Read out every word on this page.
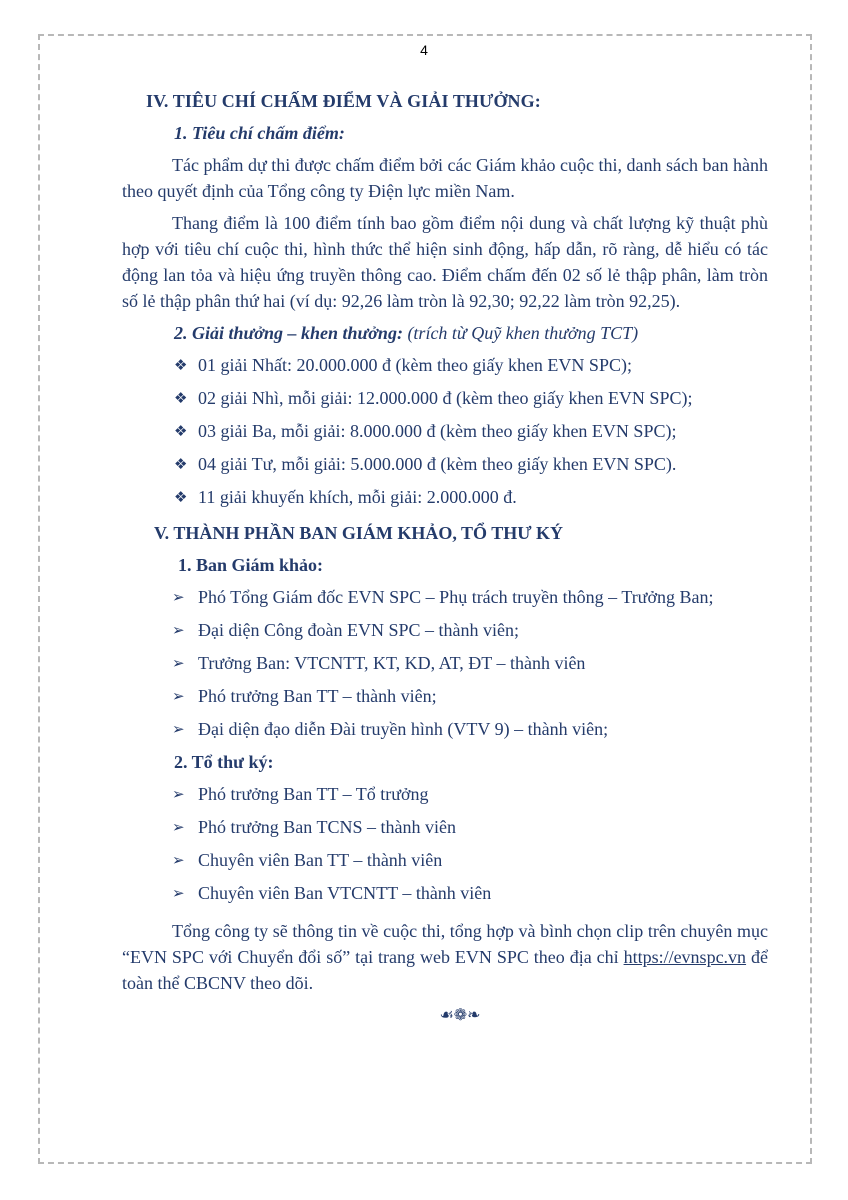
4
IV. TIÊU CHÍ CHẤM ĐIỂM VÀ GIẢI THƯỞNG:
1. Tiêu chí chấm điểm:
Tác phẩm dự thi được chấm điểm bởi các Giám khảo cuộc thi, danh sách ban hành theo quyết định của Tổng công ty Điện lực miền Nam.
Thang điểm là 100 điểm tính bao gồm điểm nội dung và chất lượng kỹ thuật phù hợp với tiêu chí cuộc thi, hình thức thể hiện sinh động, hấp dẫn, rõ ràng, dễ hiểu có tác động lan tỏa và hiệu ứng truyền thông cao. Điểm chấm đến 02 số lẻ thập phân, làm tròn số lẻ thập phân thứ hai (ví dụ: 92,26 làm tròn là 92,30; 92,22 làm tròn 92,25).
2. Giải thưởng – khen thưởng: (trích từ Quỹ khen thưởng TCT)
❖ 01 giải Nhất: 20.000.000 đ (kèm theo giấy khen EVN SPC);
❖ 02 giải Nhì, mỗi giải: 12.000.000 đ (kèm theo giấy khen EVN SPC);
❖ 03 giải Ba, mỗi giải: 8.000.000 đ (kèm theo giấy khen EVN SPC);
❖ 04 giải Tư, mỗi giải: 5.000.000 đ (kèm theo giấy khen EVN SPC).
❖ 11 giải khuyến khích, mỗi giải: 2.000.000 đ.
V. THÀNH PHẦN BAN GIÁM KHẢO, TỔ THƯ KÝ
1. Ban Giám khảo:
➢ Phó Tổng Giám đốc EVN SPC – Phụ trách truyền thông – Trưởng Ban;
➢ Đại diện Công đoàn EVN SPC – thành viên;
➢ Trưởng Ban: VTCNTT, KT, KD, AT, ĐT – thành viên
➢ Phó trưởng Ban TT – thành viên;
➢ Đại diện đạo diễn Đài truyền hình (VTV 9) – thành viên;
2. Tổ thư ký:
➢ Phó trưởng Ban TT – Tổ trưởng
➢ Phó trưởng Ban TCNS – thành viên
➢ Chuyên viên Ban TT – thành viên
➢ Chuyên viên Ban VTCNTT – thành viên
Tổng công ty sẽ thông tin về cuộc thi, tổng hợp và bình chọn clip trên chuyên mục “EVN SPC với Chuyển đổi số” tại trang web EVN SPC theo địa chỉ https://evnspc.vn để toàn thể CBCNV theo dõi.
☙❁❧
